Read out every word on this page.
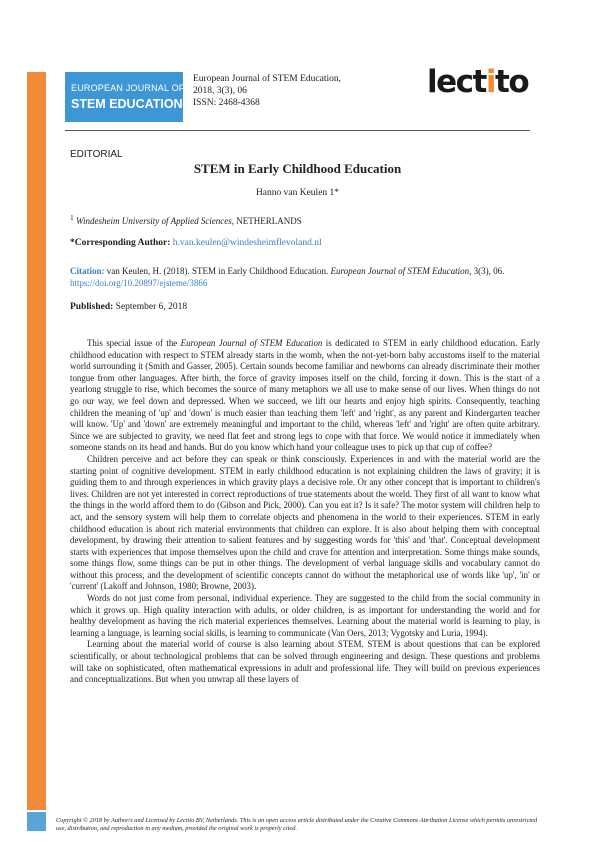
EUROPEAN JOURNAL OF
STEM EDUCATION
European Journal of STEM Education,
2018, 3(3), 06
ISSN: 2468-4368
lectito
EDITORIAL
STEM in Early Childhood Education
Hanno van Keulen 1*
$^1$ Windesheim University of Applied Sciences, NETHERLANDS
*Corresponding Author: h.van.keulen@windesheimflevoland.nl
Citation: van Keulen, H. (2018). STEM in Early Childhood Education. European Journal of STEM Education, 3(3), 06. https://doi.org/10.20897/ejsteme/3866
Published: September 6, 2018

This special issue of the European Journal of STEM Education is dedicated to STEM in early childhood education. Early childhood education with respect to STEM already starts in the womb, when the not-yet-born baby accustoms itself to the material world surrounding it (Smith and Gasser, 2005). Certain sounds become familiar and newborns can already discriminate their mother tongue from other languages. After birth, the force of gravity imposes itself on the child, forcing it down. This is the start of a yearlong struggle to rise, which becomes the source of many metaphors we all use to make sense of our lives. When things do not go our way, we feel down and depressed. When we succeed, we lift our hearts and enjoy high spirits. Consequently, teaching children the meaning of 'up' and 'down' is much easier than teaching them 'left' and 'right', as any parent and Kindergarten teacher will know. 'Up' and 'down' are extremely meaningful and important to the child, whereas 'left' and 'right' are often quite arbitrary. Since we are subjected to gravity, we need flat feet and strong legs to cope with that force. We would notice it immediately when someone stands on its head and hands. But do you know which hand your colleague uses to pick up that cup of coffee?

Children perceive and act before they can speak or think consciously. Experiences in and with the material world are the starting point of cognitive development. STEM in early childhood education is not explaining children the laws of gravity; it is guiding them to and through experiences in which gravity plays a decisive role. Or any other concept that is important to children's lives. Children are not yet interested in correct reproductions of true statements about the world. They first of all want to know what the things in the world afford them to do (Gibson and Pick, 2000). Can you eat it? Is it safe? The motor system will children help to act, and the sensory system will help them to correlate objects and phenomena in the world to their experiences. STEM in early childhood education is about rich material environments that children can explore. It is also about helping them with conceptual development, by drawing their attention to salient features and by suggesting words for 'this' and 'that'. Conceptual development starts with experiences that impose themselves upon the child and crave for attention and interpretation. Some things make sounds, some things flow, some things can be put in other things. The development of verbal language skills and vocabulary cannot do without this process, and the development of scientific concepts cannot do without the metaphorical use of words like 'up', 'in' or 'current' (Lakoff and Johnson, 1980; Browne, 2003).

Words do not just come from personal, individual experience. They are suggested to the child from the social community in which it grows up. High quality interaction with adults, or older children, is as important for understanding the world and for healthy development as having the rich material experiences themselves. Learning about the material world is learning to play, is learning a language, is learning social skills, is learning to communicate (Van Oers, 2013; Vygotsky and Luria, 1994).

Learning about the material world of course is also learning about STEM. STEM is about questions that can be explored scientifically, or about technological problems that can be solved through engineering and design. These questions and problems will take on sophisticated, often mathematical expressions in adult and professional life. They will build on previous experiences and conceptualizations. But when you unwrap all these layers of

Copyright © 2018 by Author/s and Licensed by Lectito BV, Netherlands. This is an open access article distributed under the Creative Commons Attribution License which permits unrestricted use, distribution, and reproduction in any medium, provided the original work is properly cited.
